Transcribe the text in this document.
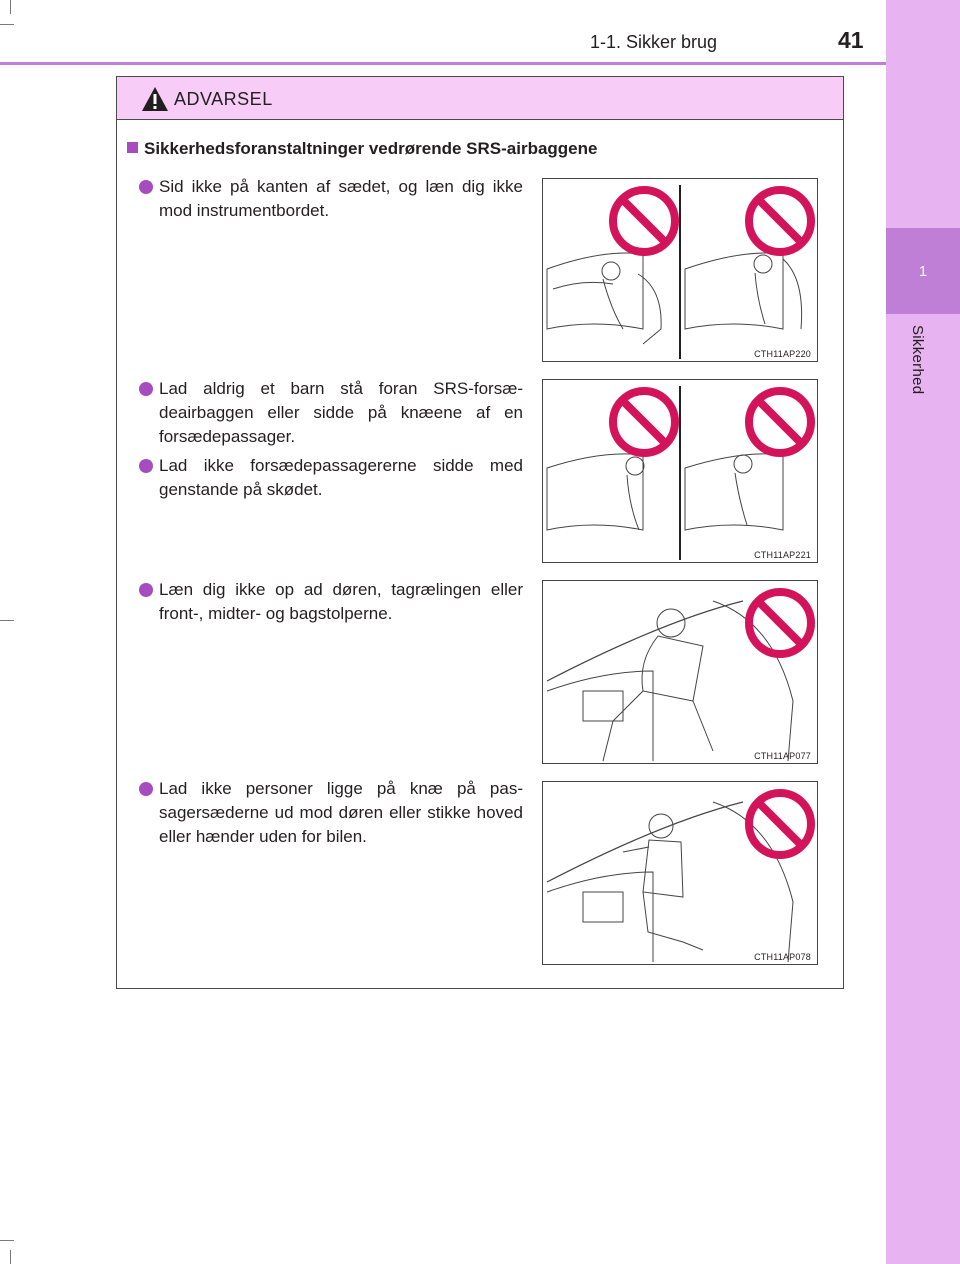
1
Sikkerhed
1-1. Sikker brug	41
ADVARSEL
Sikkerhedsforanstaltninger vedrørende SRS-airbaggene
Sid ikke på kanten af sædet, og læn dig ikke mod instrumentbordet.
Lad aldrig et barn stå foran SRS-forsæ- deairbaggen eller sidde på knæene af en forsædepassager.
Lad ikke forsædepassagererne sidde med genstande på skødet.
Læn dig ikke op ad døren, tagrælingen eller front-, midter- og bagstolperne.
Lad ikke personer ligge på knæ på pas- sagersæderne ud mod døren eller stikke hoved eller hænder uden for bilen.
CTH11AP220
CTH11AP221
CTH11AP077
CTH11AP078
